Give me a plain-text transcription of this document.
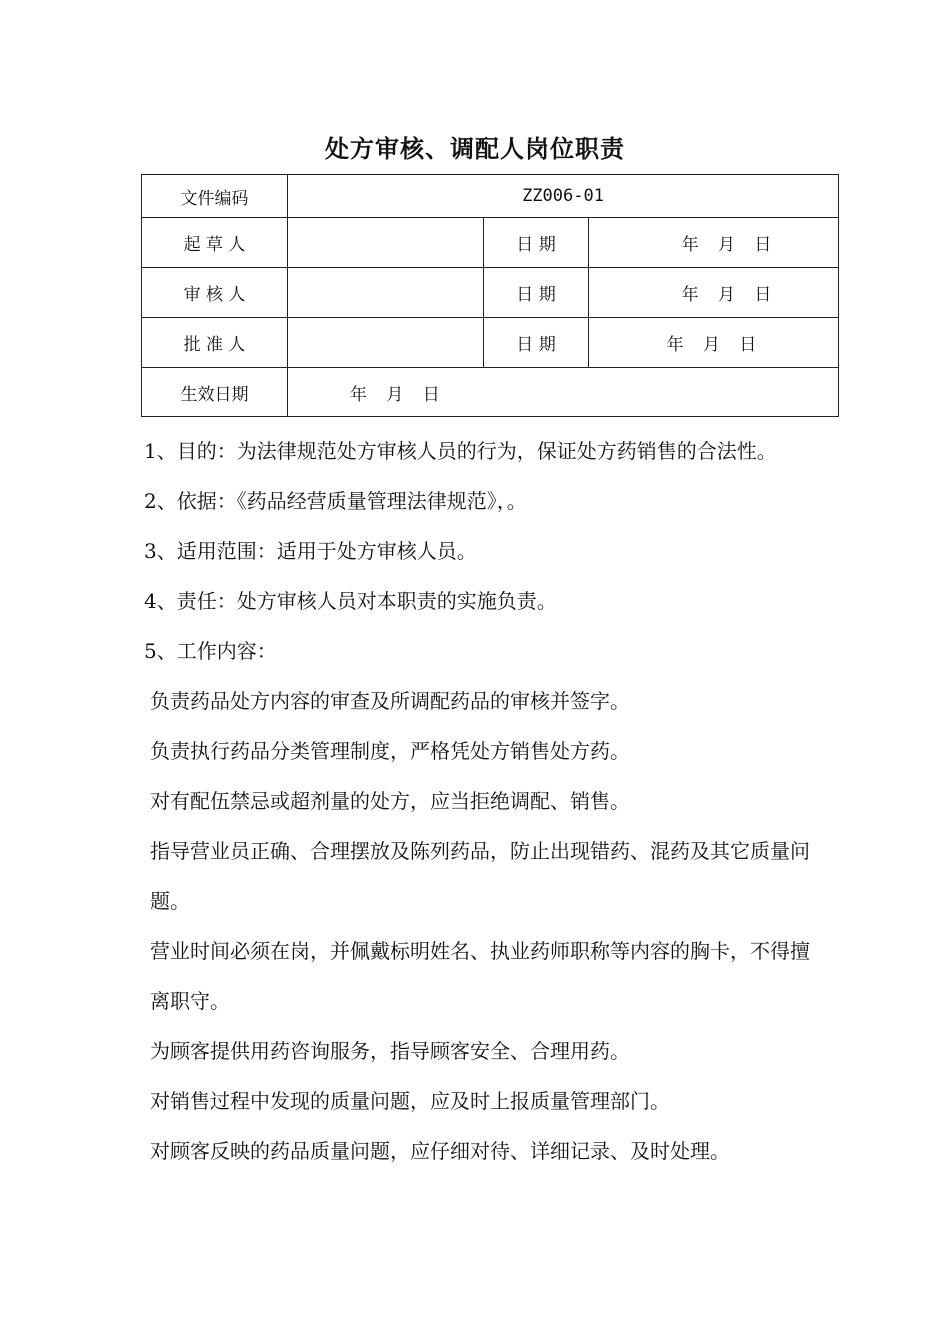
处方审核、调配人岗位职责
文件编码	ZZ006-01		
起 草 人		日 期	年 月 日
审 核 人		日 期	年 月 日
批 准 人		日 期	年 月 日
生效日期	年 月 日		

1、目的：为法律规范处方审核人员的行为，保证处方药销售的合法性。

2、依据：《药品经营质量管理法律规范》，。

3、适用范围：适用于处方审核人员。

4、责任：处方审核人员对本职责的实施负责。

5、工作内容：

负责药品处方内容的审查及所调配药品的审核并签字。

负责执行药品分类管理制度，严格凭处方销售处方药。

对有配伍禁忌或超剂量的处方，应当拒绝调配、销售。

指导营业员正确、合理摆放及陈列药品，防止出现错药、混药及其它质量问题。

营业时间必须在岗，并佩戴标明姓名、执业药师职称等内容的胸卡，不得擅离职守。

为顾客提供用药咨询服务，指导顾客安全、合理用药。

对销售过程中发现的质量问题，应及时上报质量管理部门。

对顾客反映的药品质量问题，应仔细对待、详细记录、及时处理。
